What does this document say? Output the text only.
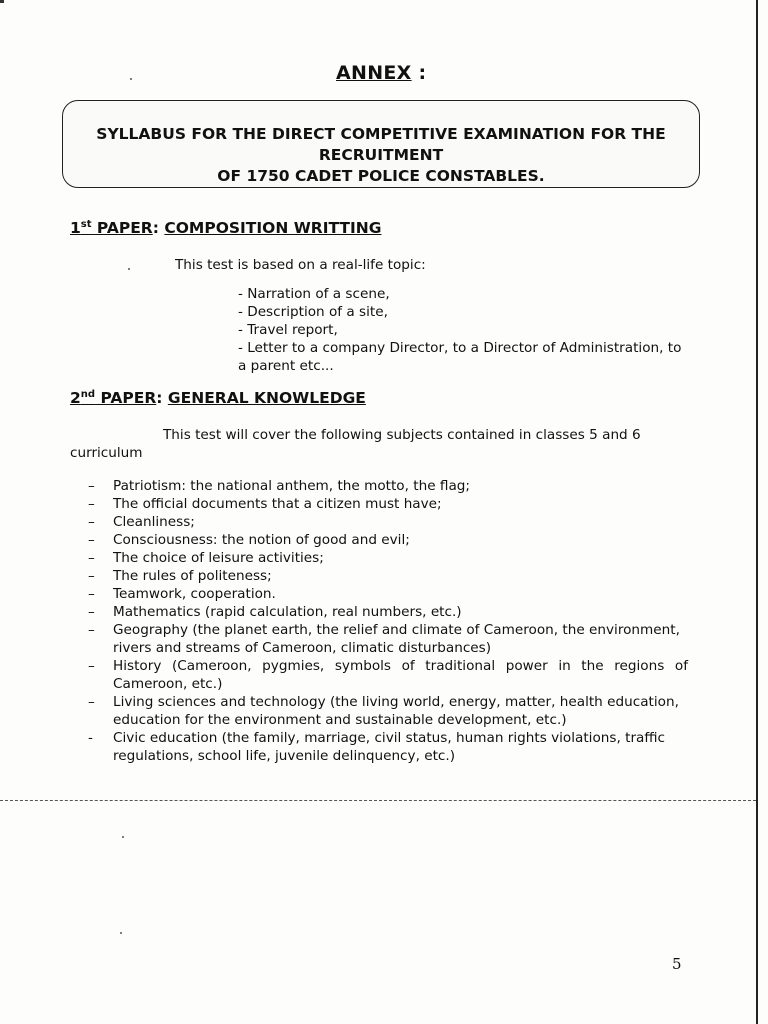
ANNEX :
SYLLABUS FOR THE DIRECT COMPETITIVE EXAMINATION FOR THE
RECRUITMENT
OF 1750 CADET POLICE CONSTABLES.
1st PAPER: COMPOSITION WRITTING
This test is based on a real-life topic:
- Narration of a scene,
- Description of a site,
- Travel report,
- Letter to a company Director, to a Director of Administration, to a parent etc...
2nd PAPER: GENERAL KNOWLEDGE
This test will cover the following subjects contained in classes 5 and 6
curriculum
–	Patriotism: the national anthem, the motto, the flag;
–	The official documents that a citizen must have;
–	Cleanliness;
–	Consciousness: the notion of good and evil;
–	The choice of leisure activities;
–	The rules of politeness;
–	Teamwork, cooperation.
–	Mathematics (rapid calculation, real numbers, etc.)
–	Geography (the planet earth, the relief and climate of Cameroon, the environment, rivers and streams of Cameroon, climatic disturbances)
–	History (Cameroon, pygmies, symbols of traditional power in the regions of Cameroon, etc.)
–	Living sciences and technology (the living world, energy, matter, health education, education for the environment and sustainable development, etc.)
-	Civic education (the family, marriage, civil status, human rights violations, traffic regulations, school life, juvenile delinquency, etc.)
5
